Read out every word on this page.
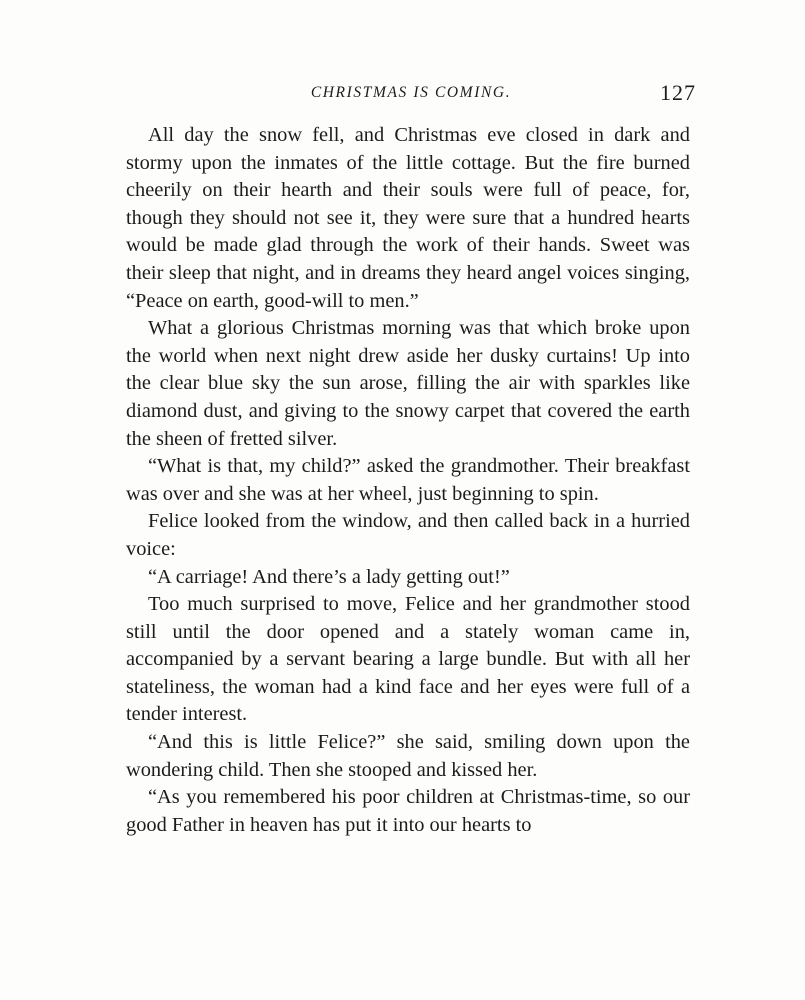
CHRISTMAS IS COMING.	127

All day the snow fell, and Christmas eve closed in dark and stormy upon the inmates of the little cottage. But the fire burned cheerily on their hearth and their souls were full of peace, for, though they should not see it, they were sure that a hundred hearts would be made glad through the work of their hands. Sweet was their sleep that night, and in dreams they heard angel voices singing, “Peace on earth, good-will to men.”

What a glorious Christmas morning was that which broke upon the world when next night drew aside her dusky curtains! Up into the clear blue sky the sun arose, filling the air with sparkles like diamond dust, and giving to the snowy carpet that covered the earth the sheen of fretted silver.

“What is that, my child?” asked the grandmother. Their breakfast was over and she was at her wheel, just beginning to spin.

Felice looked from the window, and then called back in a hurried voice:

“A carriage! And there’s a lady getting out!”

Too much surprised to move, Felice and her grandmother stood still until the door opened and a stately woman came in, accompanied by a servant bearing a large bundle. But with all her stateliness, the woman had a kind face and her eyes were full of a tender interest.

“And this is little Felice?” she said, smiling down upon the wondering child. Then she stooped and kissed her.

“As you remembered his poor children at Christmas-time, so our good Father in heaven has put it into our hearts to
